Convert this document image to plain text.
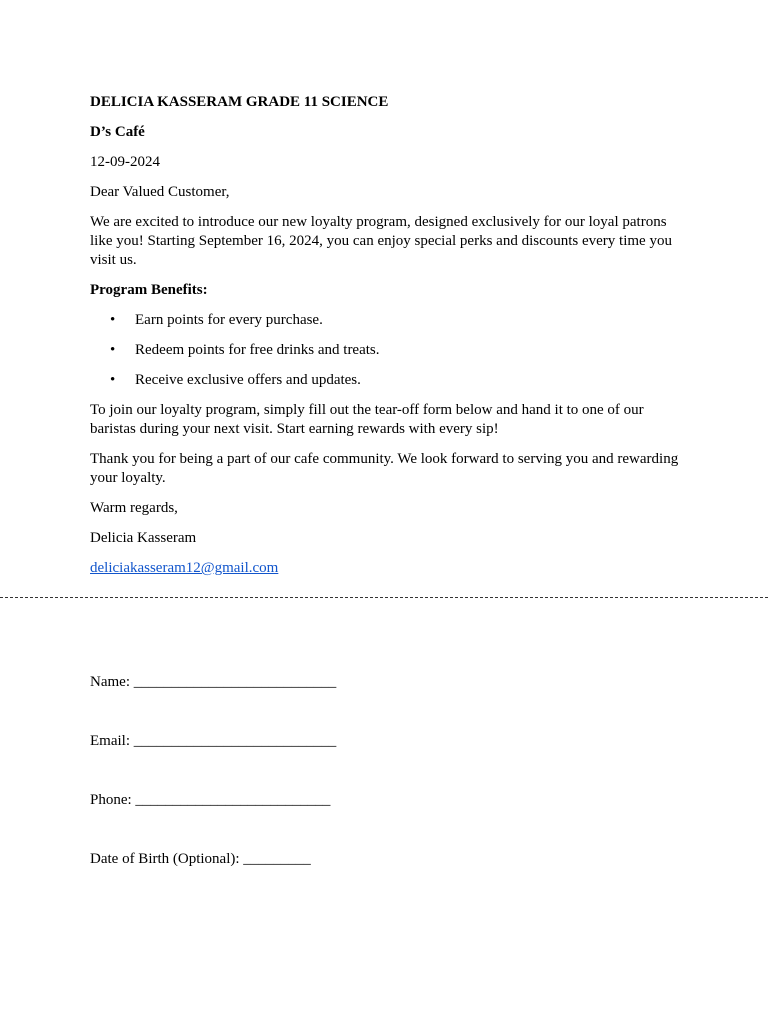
DELICIA KASSERAM GRADE 11 SCIENCE

D’s Café

12-09-2024

Dear Valued Customer,

We are excited to introduce our new loyalty program, designed exclusively for our loyal patrons like you! Starting September 16, 2024, you can enjoy special perks and discounts every time you visit us.

Program Benefits:

• Earn points for every purchase.
• Redeem points for free drinks and treats.
• Receive exclusive offers and updates.

To join our loyalty program, simply fill out the tear-off form below and hand it to one of our baristas during your next visit. Start earning rewards with every sip!

Thank you for being a part of our cafe community. We look forward to serving you and rewarding your loyalty.

Warm regards,

Delicia Kasseram

deliciakasseram12@gmail.com

Name: ___________________________
Email: ___________________________
Phone: __________________________
Date of Birth (Optional): _________
